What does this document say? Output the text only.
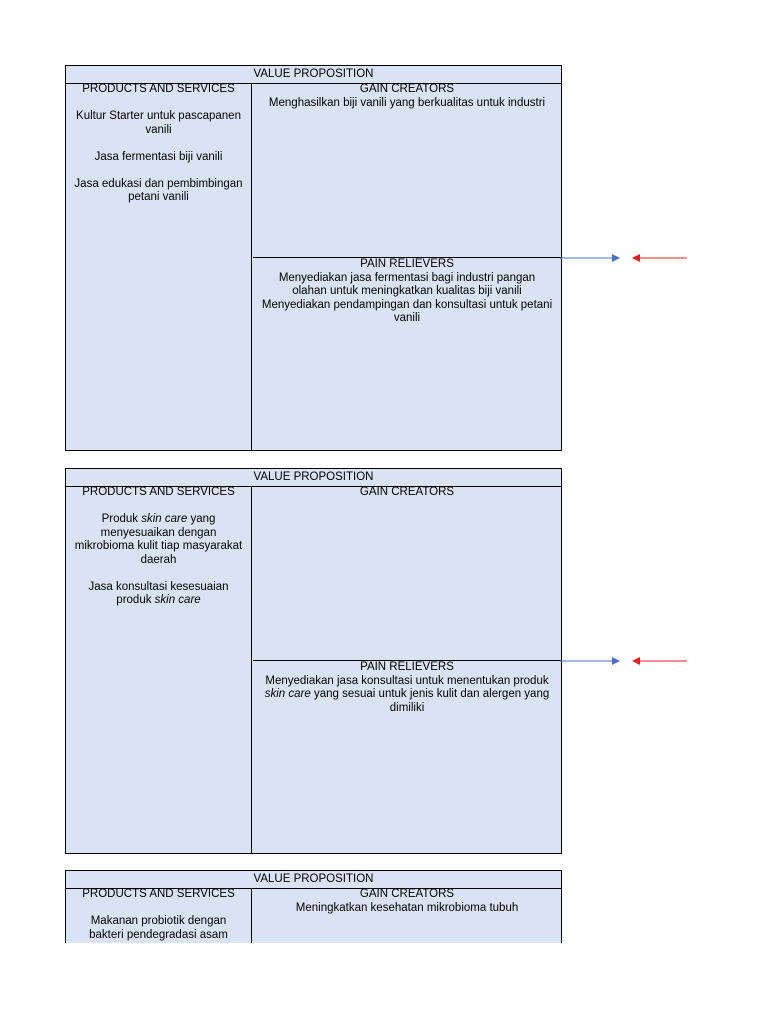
VALUE PROPOSITION
PRODUCTS AND SERVICES
Kultur Starter untuk pascapanen vanili
Jasa fermentasi biji vanili
Jasa edukasi dan pembimbingan petani vanili
GAIN CREATORS
Menghasilkan biji vanili yang berkualitas untuk industri
PAIN RELIEVERS
Menyediakan jasa fermentasi bagi industri pangan olahan untuk meningkatkan kualitas biji vanili
Menyediakan pendampingan dan konsultasi untuk petani vanili
VALUE PROPOSITION
PRODUCTS AND SERVICES
Produk skin care yang menyesuaikan dengan mikrobioma kulit tiap masyarakat daerah
Jasa konsultasi kesesuaian produk skin care
GAIN CREATORS
PAIN RELIEVERS
Menyediakan jasa konsultasi untuk menentukan produk skin care yang sesuai untuk jenis kulit dan alergen yang dimiliki
VALUE PROPOSITION
PRODUCTS AND SERVICES
Makanan probiotik dengan bakteri pendegradasi asam
GAIN CREATORS
Meningkatkan kesehatan mikrobioma tubuh
